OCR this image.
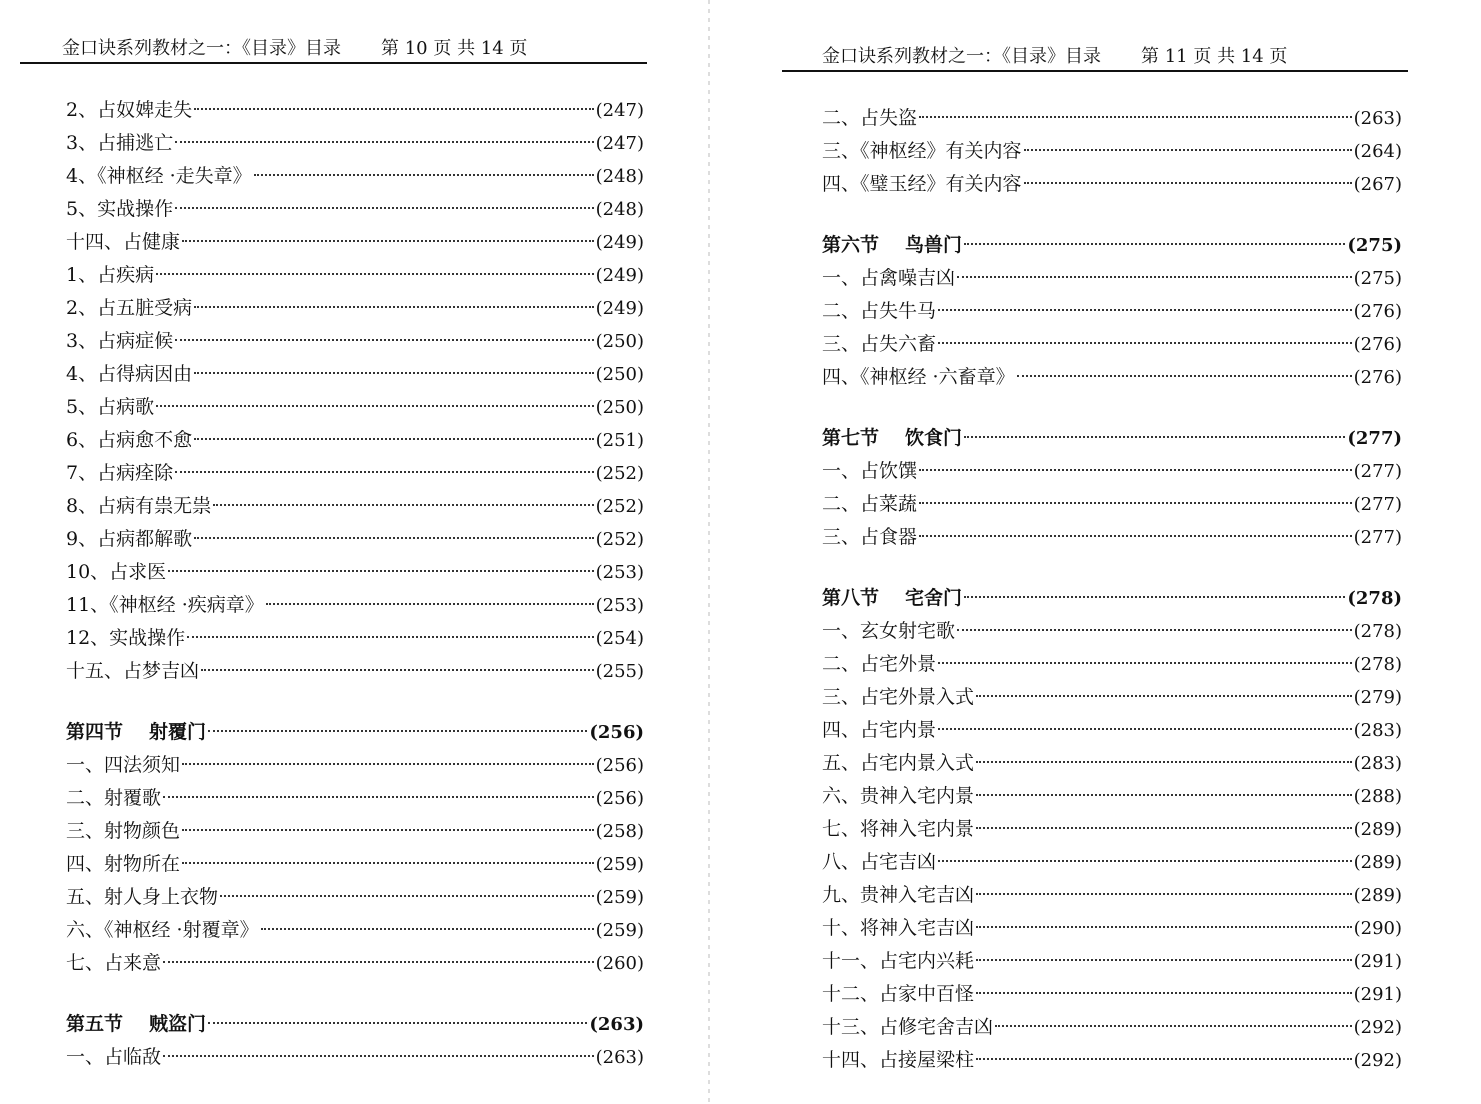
金口诀系列教材之一：《目录》目录 第 10 页 共 14 页
2、占奴婢走失	(247)
3、占捕逃亡	(247)
4、《神枢经 ·走失章》	(248)
5、实战操作	(248)
十四、占健康	(249)
1、占疾病	(249)
2、占五脏受病	(249)
3、占病症候	(250)
4、占得病因由	(250)
5、占病歌	(250)
6、占病愈不愈	(251)
7、占病痊除	(252)
8、占病有祟无祟	(252)
9、占病都解歌	(252)
10、占求医	(253)
11、《神枢经 ·疾病章》	(253)
12、实战操作	(254)
十五、占梦吉凶	(255)
第四节 射覆门	(256)
一、四法须知	(256)
二、射覆歌	(256)
三、射物颜色	(258)
四、射物所在	(259)
五、射人身上衣物	(259)
六、《神枢经 ·射覆章》	(259)
七、占来意	(260)
第五节 贼盗门	(263)
一、占临敌	(263)
金口诀系列教材之一：《目录》目录 第 11 页 共 14 页
二、占失盗	(263)
三、《神枢经》有关内容	(264)
四、《璧玉经》有关内容	(267)
第六节 鸟兽门	(275)
一、占禽噪吉凶	(275)
二、占失牛马	(276)
三、占失六畜	(276)
四、《神枢经 ·六畜章》	(276)
第七节 饮食门	(277)
一、占饮馔	(277)
二、占菜蔬	(277)
三、占食器	(277)
第八节 宅舍门	(278)
一、玄女射宅歌	(278)
二、占宅外景	(278)
三、占宅外景入式	(279)
四、占宅内景	(283)
五、占宅内景入式	(283)
六、贵神入宅内景	(288)
七、将神入宅内景	(289)
八、占宅吉凶	(289)
九、贵神入宅吉凶	(289)
十、将神入宅吉凶	(290)
十一、占宅内兴耗	(291)
十二、占家中百怪	(291)
十三、占修宅舍吉凶	(292)
十四、占接屋梁柱	(292)
